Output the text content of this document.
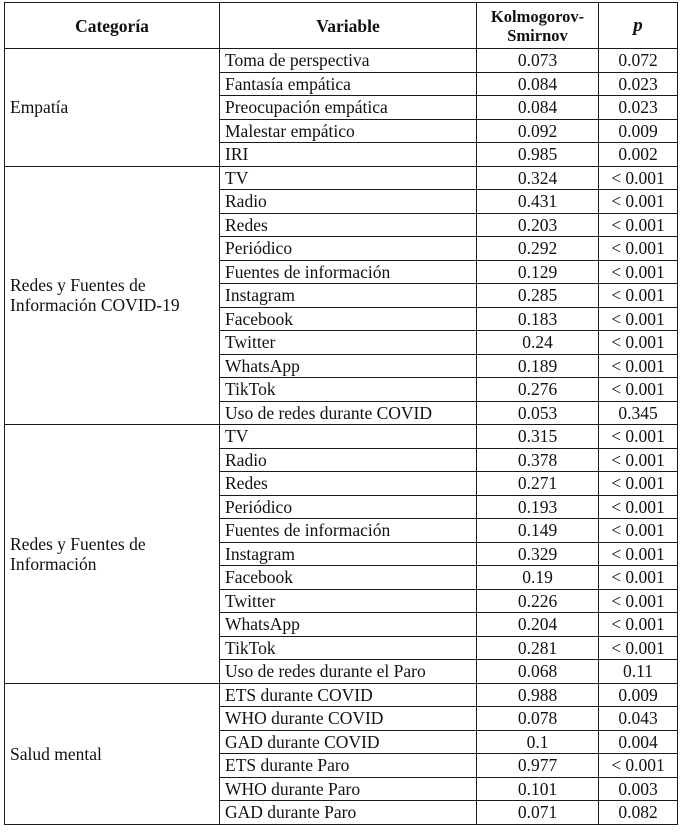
Categoría	Variable	Kolmogorov-Smirnov	p
Empatía	Toma de perspectiva	0.073	0.072
	Fantasía empática	0.084	0.023
	Preocupación empática	0.084	0.023
	Malestar empático	0.092	0.009
	IRI	0.985	0.002
Redes y Fuentes de Información COVID-19	TV	0.324	< 0.001
	Radio	0.431	< 0.001
	Redes	0.203	< 0.001
	Periódico	0.292	< 0.001
	Fuentes de información	0.129	< 0.001
	Instagram	0.285	< 0.001
	Facebook	0.183	< 0.001
	Twitter	0.24	< 0.001
	WhatsApp	0.189	< 0.001
	TikTok	0.276	< 0.001
	Uso de redes durante COVID	0.053	0.345
Redes y Fuentes de Información	TV	0.315	< 0.001
	Radio	0.378	< 0.001
	Redes	0.271	< 0.001
	Periódico	0.193	< 0.001
	Fuentes de información	0.149	< 0.001
	Instagram	0.329	< 0.001
	Facebook	0.19	< 0.001
	Twitter	0.226	< 0.001
	WhatsApp	0.204	< 0.001
	TikTok	0.281	< 0.001
	Uso de redes durante el Paro	0.068	0.11
Salud mental	ETS durante COVID	0.988	0.009
	WHO durante COVID	0.078	0.043
	GAD durante COVID	0.1	0.004
	ETS durante Paro	0.977	< 0.001
	WHO durante Paro	0.101	0.003
	GAD durante Paro	0.071	0.082
